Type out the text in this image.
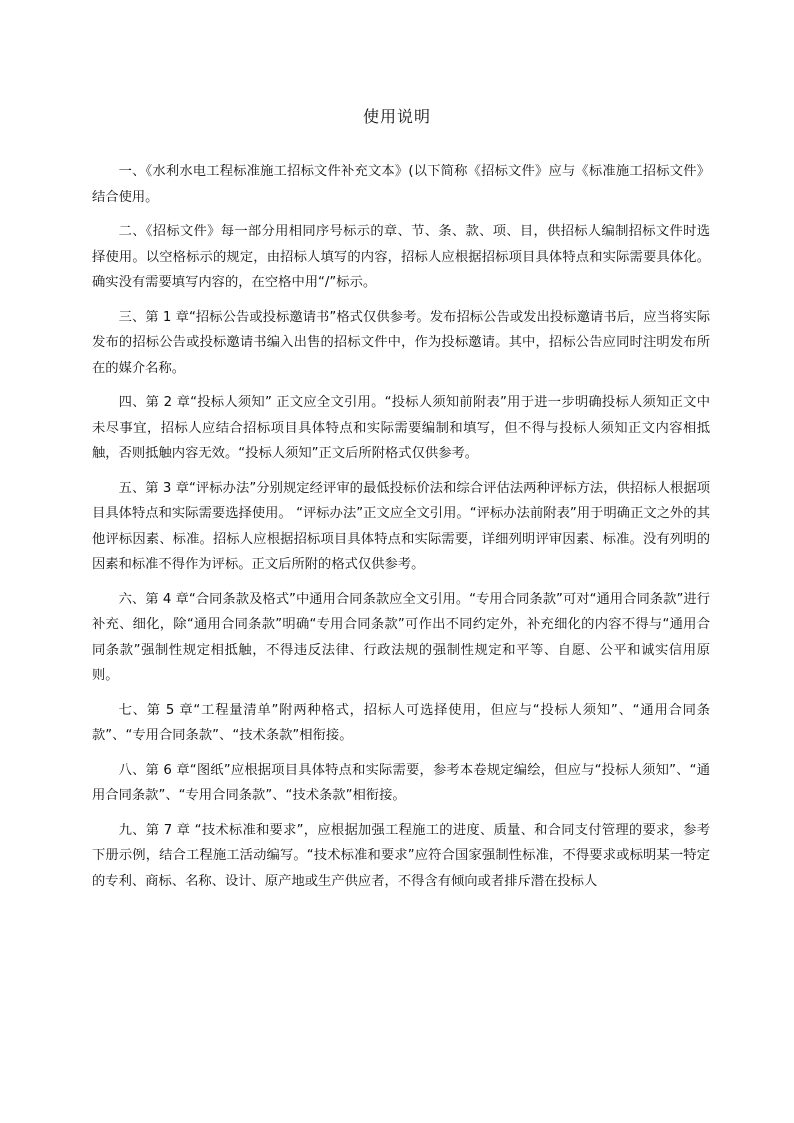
使用说明

一、《水利水电工程标准施工招标文件补充文本》(以下简称《招标文件》应与《标准施工招标文件》结合使用。

二、《招标文件》每一部分用相同序号标示的章、节、条、款、项、目，供招标人编制招标文件时选择使用。以空格标示的规定，由招标人填写的内容，招标人应根据招标项目具体特点和实际需要具体化。确实没有需要填写内容的，在空格中用“/”标示。

三、第 1 章“招标公告或投标邀请书”格式仅供参考。发布招标公告或发出投标邀请书后，应当将实际发布的招标公告或投标邀请书编入出售的招标文件中，作为投标邀请。其中，招标公告应同时注明发布所在的媒介名称。

四、第 2 章“投标人须知” 正文应全文引用。“投标人须知前附表”用于进一步明确投标人须知正文中未尽事宜，招标人应结合招标项目具体特点和实际需要编制和填写，但不得与投标人须知正文内容相抵触，否则抵触内容无效。“投标人须知”正文后所附格式仅供参考。

五、第 3 章“评标办法”分别规定经评审的最低投标价法和综合评估法两种评标方法，供招标人根据项目具体特点和实际需要选择使用。 “评标办法”正文应全文引用。“评标办法前附表”用于明确正文之外的其他评标因素、标准。招标人应根据招标项目具体特点和实际需要，详细列明评审因素、标准。没有列明的因素和标准不得作为评标。正文后所附的格式仅供参考。

六、第 4 章“合同条款及格式”中通用合同条款应全文引用。“专用合同条款”可对“通用合同条款”进行补充、细化，除“通用合同条款”明确“专用合同条款”可作出不同约定外，补充细化的内容不得与“通用合同条款”强制性规定相抵触，不得违反法律、行政法规的强制性规定和平等、自愿、公平和诚实信用原则。

七、第 5 章“工程量清单”附两种格式，招标人可选择使用，但应与“投标人须知”、“通用合同条款”、“专用合同条款”、“技术条款”相衔接。

八、第 6 章“图纸”应根据项目具体特点和实际需要，参考本卷规定编绘，但应与“投标人须知”、“通用合同条款”、“专用合同条款”、“技术条款”相衔接。

九、第 7 章 “技术标准和要求”，应根据加强工程施工的进度、质量、和合同支付管理的要求，参考下册示例，结合工程施工活动编写。“技术标准和要求”应符合国家强制性标准，不得要求或标明某一特定的专利、商标、名称、设计、原产地或生产供应者，不得含有倾向或者排斥潜在投标人
